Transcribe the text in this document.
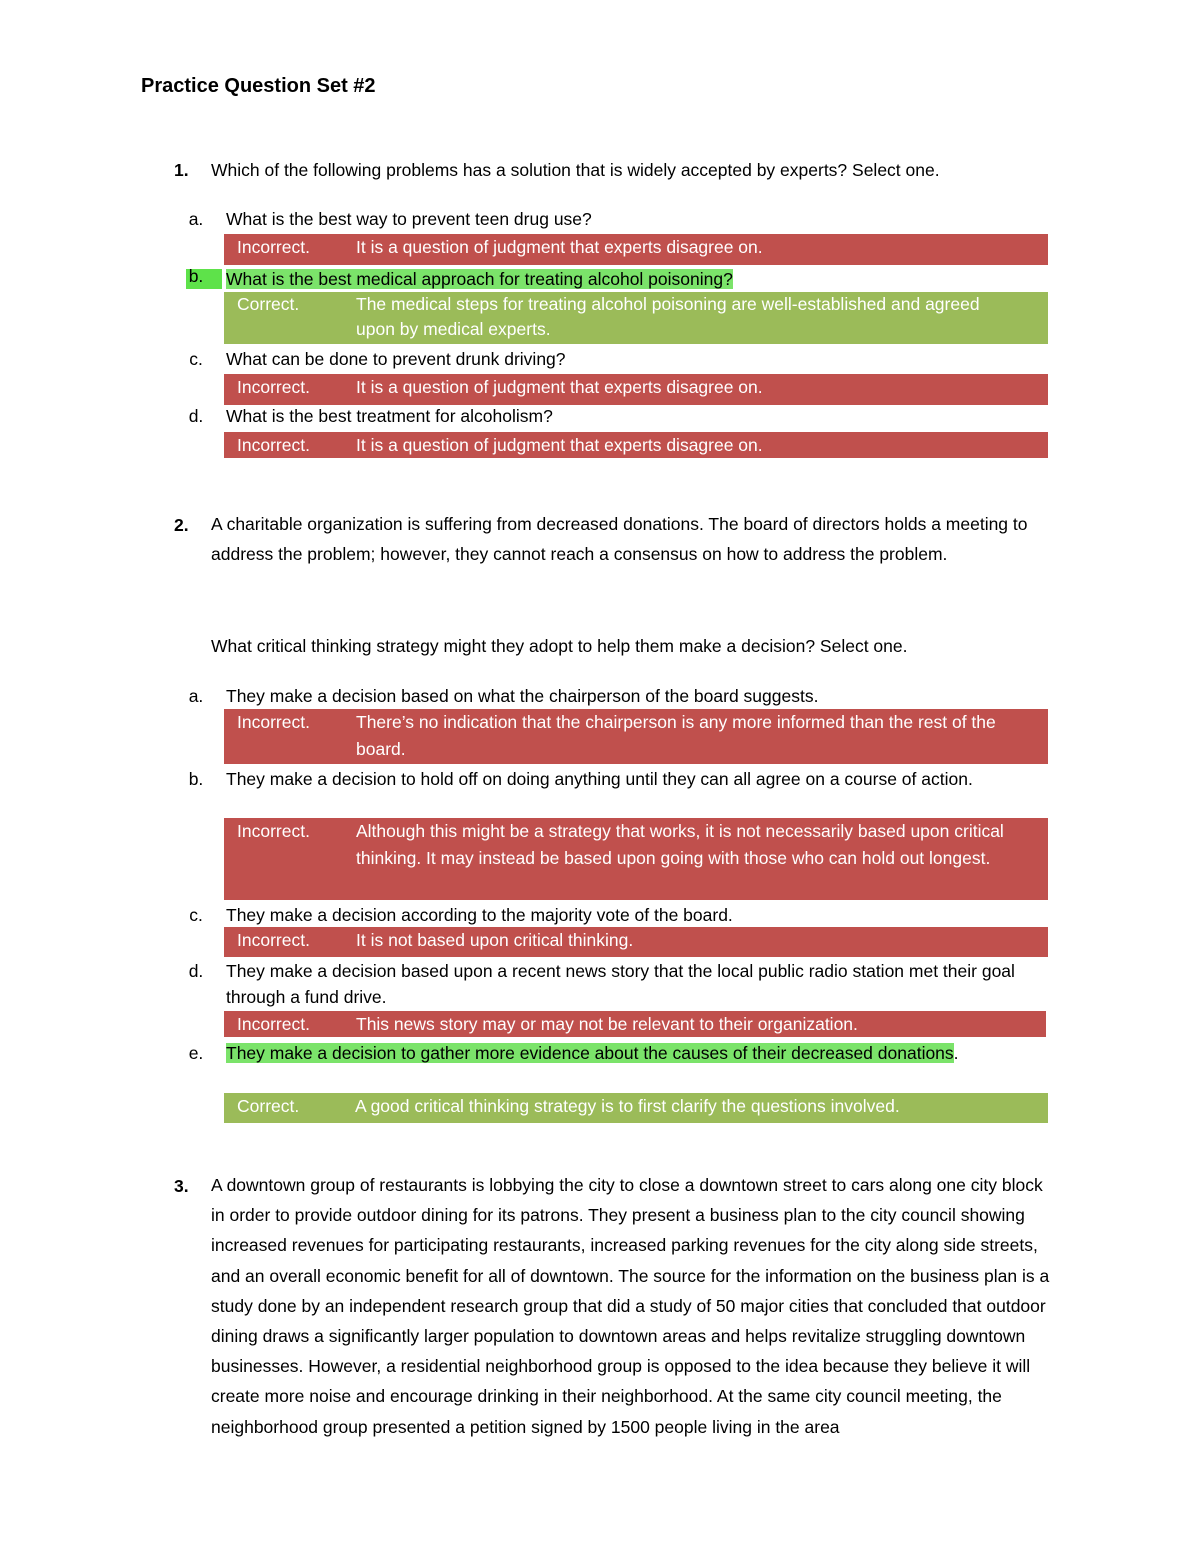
Practice Question Set #2
1. Which of the following problems has a solution that is widely accepted by experts? Select one.
a. What is the best way to prevent teen drug use?
Incorrect.	It is a question of judgment that experts disagree on.
b. What is the best medical approach for treating alcohol poisoning?
Correct.	The medical steps for treating alcohol poisoning are well-established and agreed upon by medical experts.
c. What can be done to prevent drunk driving?
Incorrect.	It is a question of judgment that experts disagree on.
d. What is the best treatment for alcoholism?
Incorrect.	It is a question of judgment that experts disagree on.
2. A charitable organization is suffering from decreased donations. The board of directors holds a meeting to address the problem; however, they cannot reach a consensus on how to address the problem.
What critical thinking strategy might they adopt to help them make a decision? Select one.
a. They make a decision based on what the chairperson of the board suggests.
Incorrect.	There’s no indication that the chairperson is any more informed than the rest of the board.
b. They make a decision to hold off on doing anything until they can all agree on a course of action.
Incorrect.	Although this might be a strategy that works, it is not necessarily based upon critical thinking. It may instead be based upon going with those who can hold out longest.
c. They make a decision according to the majority vote of the board.
Incorrect.	It is not based upon critical thinking.
d. They make a decision based upon a recent news story that the local public radio station met their goal through a fund drive.
Incorrect.	This news story may or may not be relevant to their organization.
e. They make a decision to gather more evidence about the causes of their decreased donations.
Correct.	A good critical thinking strategy is to first clarify the questions involved.
3. A downtown group of restaurants is lobbying the city to close a downtown street to cars along one city block in order to provide outdoor dining for its patrons. They present a business plan to the city council showing increased revenues for participating restaurants, increased parking revenues for the city along side streets, and an overall economic benefit for all of downtown. The source for the information on the business plan is a study done by an independent research group that did a study of 50 major cities that concluded that outdoor dining draws a significantly larger population to downtown areas and helps revitalize struggling downtown businesses. However, a residential neighborhood group is opposed to the idea because they believe it will create more noise and encourage drinking in their neighborhood. At the same city council meeting, the neighborhood group presented a petition signed by 1500 people living in the area
